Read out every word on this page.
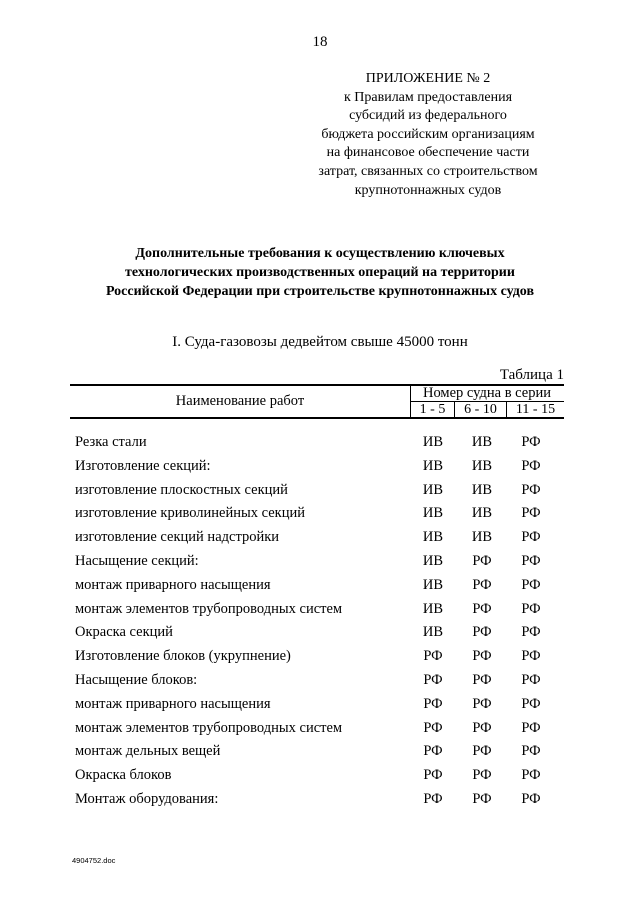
18
ПРИЛОЖЕНИЕ № 2
к Правилам предоставления
субсидий из федерального
бюджета российским организациям
на финансовое обеспечение части
затрат, связанных со строительством
крупнотоннажных судов
Дополнительные требования к осуществлению ключевых
технологических производственных операций на территории
Российской Федерации при строительстве крупнотоннажных судов
I. Суда-газовозы дедвейтом свыше 45000 тонн
Таблица 1
Наименование работ	Номер судна в серии
1 - 5	6 - 10	11 - 15
Резка стали	ИВ	ИВ	РФ
Изготовление секций:	ИВ	ИВ	РФ
изготовление плоскостных секций	ИВ	ИВ	РФ
изготовление криволинейных секций	ИВ	ИВ	РФ
изготовление секций надстройки	ИВ	ИВ	РФ
Насыщение секций:	ИВ	РФ	РФ
монтаж приварного насыщения	ИВ	РФ	РФ
монтаж элементов трубопроводных систем	ИВ	РФ	РФ
Окраска секций	ИВ	РФ	РФ
Изготовление блоков (укрупнение)	РФ	РФ	РФ
Насыщение блоков:	РФ	РФ	РФ
монтаж приварного насыщения	РФ	РФ	РФ
монтаж элементов трубопроводных систем	РФ	РФ	РФ
монтаж дельных вещей	РФ	РФ	РФ
Окраска блоков	РФ	РФ	РФ
Монтаж оборудования:	РФ	РФ	РФ
4904752.doc
